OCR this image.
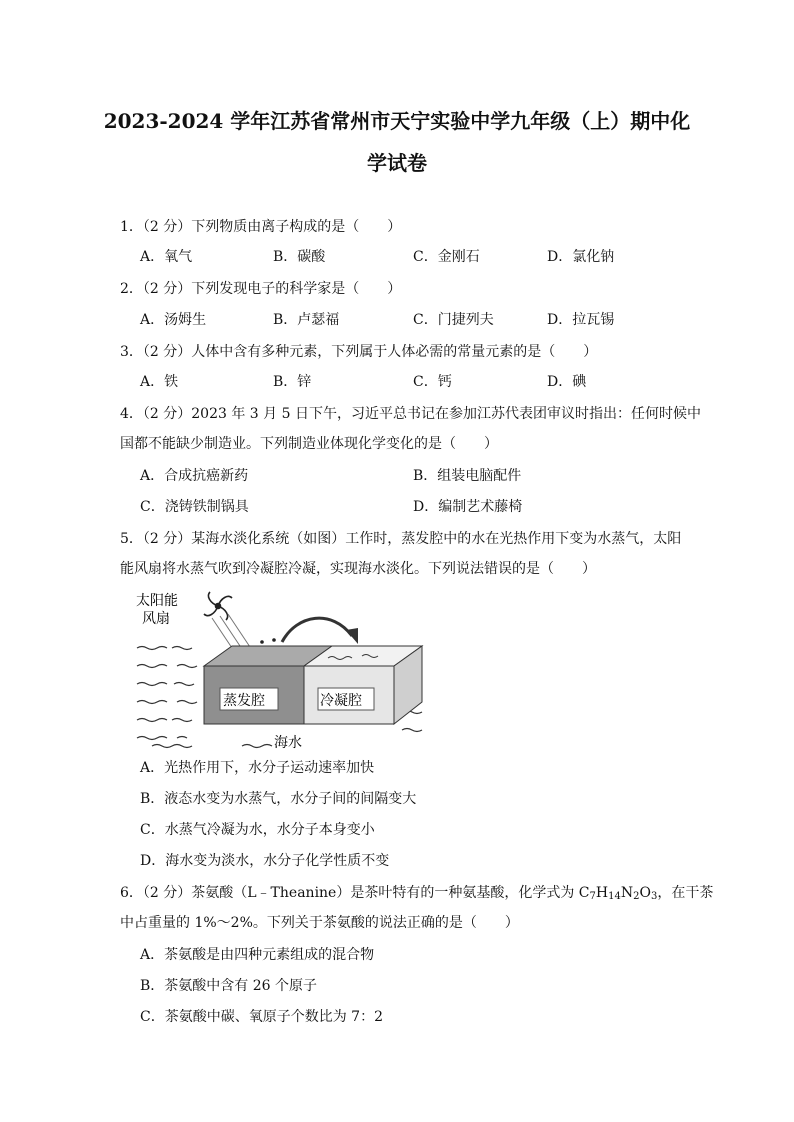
2023-2024 学年江苏省常州市天宁实验中学九年级（上）期中化
学试卷
1．（2 分）下列物质由离子构成的是（　　）
A．氧气	B．碳酸	C．金刚石	D．氯化钠
2．（2 分）下列发现电子的科学家是（　　）
A．汤姆生	B．卢瑟福	C．门捷列夫	D．拉瓦锡
3．（2 分）人体中含有多种元素，下列属于人体必需的常量元素的是（　　）
A．铁	B．锌	C．钙	D．碘
4．（2 分）2023 年 3 月 5 日下午，习近平总书记在参加江苏代表团审议时指出：任何时候中
国都不能缺少制造业。下列制造业体现化学变化的是（　　）
A．合成抗癌新药	B．组装电脑配件
C．浇铸铁制锅具	D．编制艺术藤椅
5．（2 分）某海水淡化系统（如图）工作时，蒸发腔中的水在光热作用下变为水蒸气，太阳
能风扇将水蒸气吹到冷凝腔冷凝，实现海水淡化。下列说法错误的是（　　）
太阳能
风扇
蒸发腔	冷凝腔
海水
A．光热作用下，水分子运动速率加快
B．液态水变为水蒸气，水分子间的间隔变大
C．水蒸气冷凝为水，水分子本身变小
D．海水变为淡水，水分子化学性质不变
6．（2 分）茶氨酸（L﹣Theanine）是茶叶特有的一种氨基酸，化学式为 $C_7H_{14}N_2O_3$，在干茶
中占重量的 1%～2%。下列关于茶氨酸的说法正确的是（　　）
A．茶氨酸是由四种元素组成的混合物
B．茶氨酸中含有 26 个原子
C．茶氨酸中碳、氧原子个数比为 7：2
